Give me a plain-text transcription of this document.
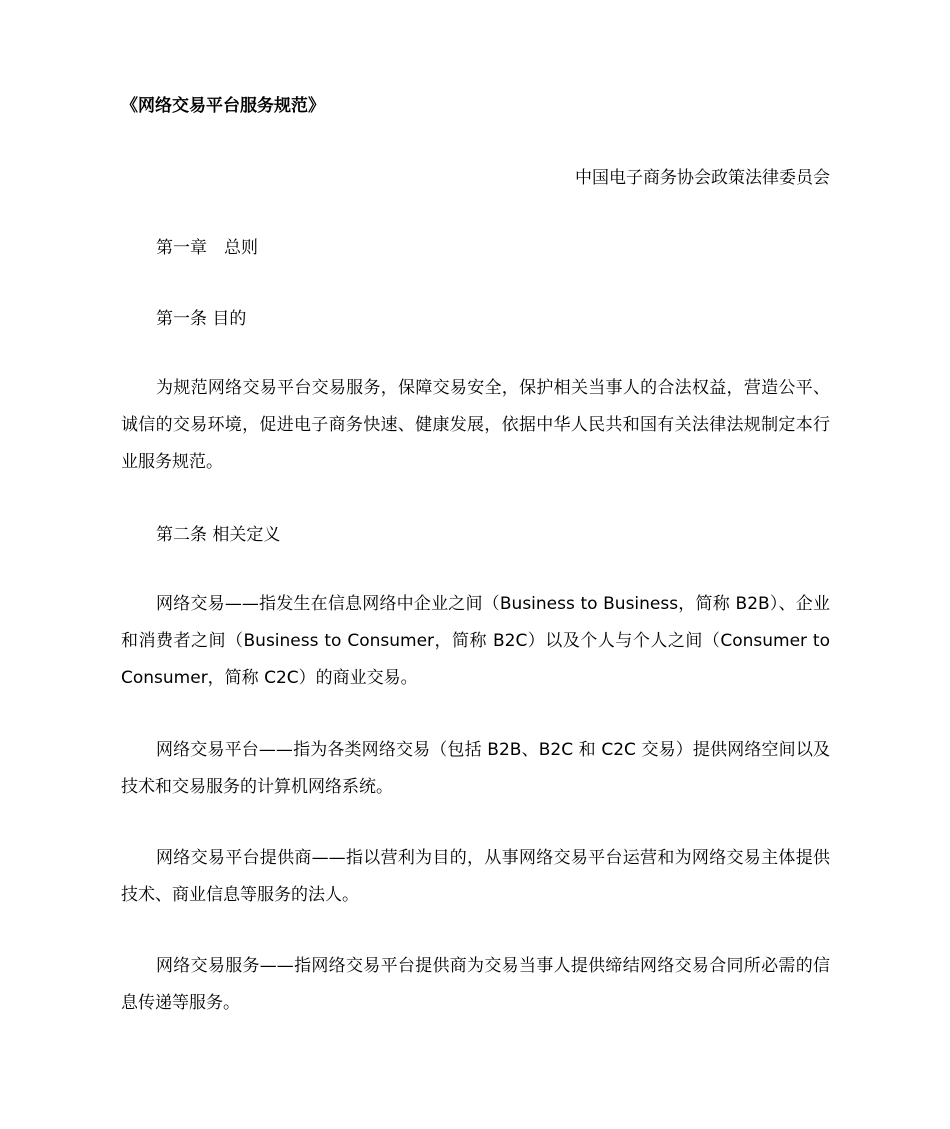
《网络交易平台服务规范》
中国电子商务协会政策法律委员会
第一章 总则
第一条 目的
为规范网络交易平台交易服务，保障交易安全，保护相关当事人的合法权益，营造公平、诚信的交易环境，促进电子商务快速、健康发展，依据中华人民共和国有关法律法规制定本行业服务规范。
第二条 相关定义
网络交易——指发生在信息网络中企业之间（Business to Business，简称 B2B）、企业和消费者之间（Business to Consumer，简称 B2C）以及个人与个人之间（Consumer to Consumer，简称 C2C）的商业交易。
网络交易平台——指为各类网络交易（包括 B2B、B2C 和 C2C 交易）提供网络空间以及技术和交易服务的计算机网络系统。
网络交易平台提供商——指以营利为目的，从事网络交易平台运营和为网络交易主体提供技术、商业信息等服务的法人。
网络交易服务——指网络交易平台提供商为交易当事人提供缔结网络交易合同所必需的信息传递等服务。
